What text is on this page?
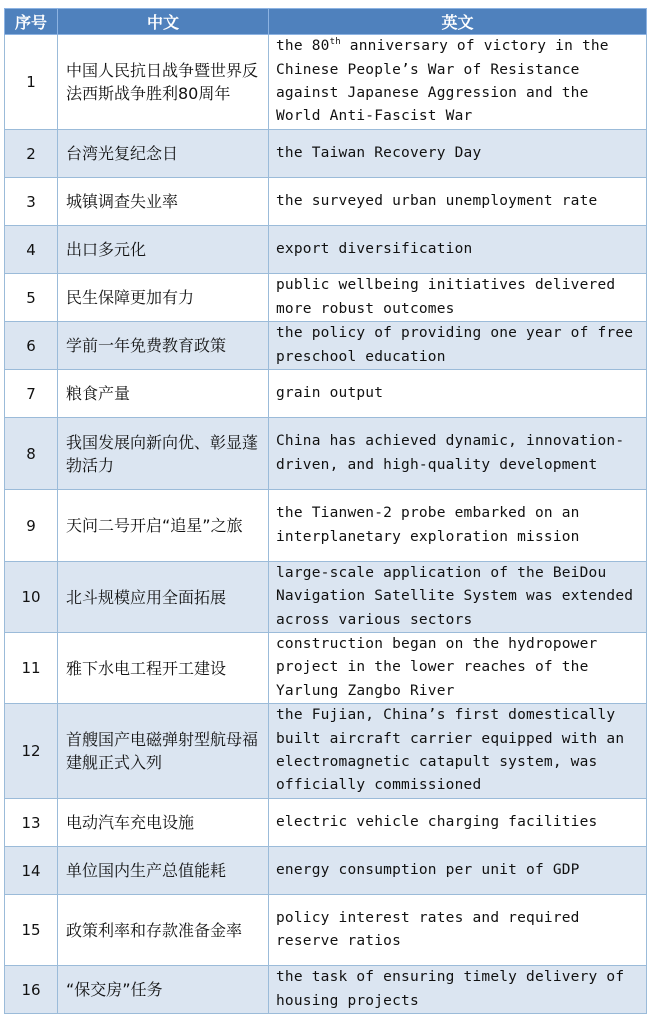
序号	中文	英文
1	中国人民抗日战争暨世界反法西斯战争胜利80周年	the 80th anniversary of victory in the Chinese People’s War of Resistance against Japanese Aggression and the World Anti-Fascist War
2	台湾光复纪念日	the Taiwan Recovery Day
3	城镇调查失业率	the surveyed urban unemployment rate
4	出口多元化	export diversification
5	民生保障更加有力	public wellbeing initiatives delivered more robust outcomes
6	学前一年免费教育政策	the policy of providing one year of free preschool education
7	粮食产量	grain output
8	我国发展向新向优、彰显蓬勃活力	China has achieved dynamic, innovation-driven, and high-quality development
9	天问二号开启“追星”之旅	the Tianwen-2 probe embarked on an interplanetary exploration mission
10	北斗规模应用全面拓展	large-scale application of the BeiDou Navigation Satellite System was extended across various sectors
11	雅下水电工程开工建设	construction began on the hydropower project in the lower reaches of the Yarlung Zangbo River
12	首艘国产电磁弹射型航母福建舰正式入列	the Fujian, China’s first domestically built aircraft carrier equipped with an electromagnetic catapult system, was officially commissioned
13	电动汽车充电设施	electric vehicle charging facilities
14	单位国内生产总值能耗	energy consumption per unit of GDP
15	政策利率和存款准备金率	policy interest rates and required reserve ratios
16	“保交房”任务	the task of ensuring timely delivery of housing projects
